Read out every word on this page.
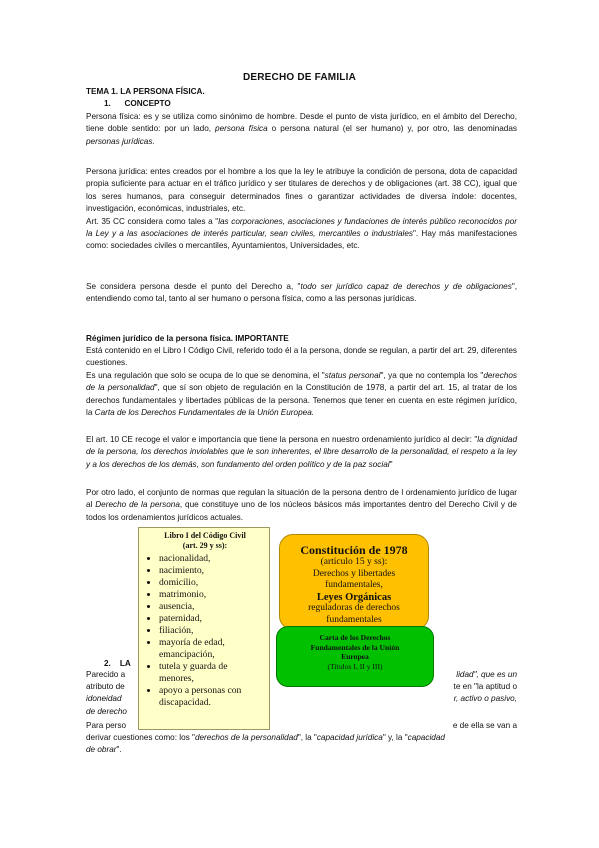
DERECHO DE FAMILIA
TEMA 1. LA PERSONA FÍSICA.
1.      CONCEPTO
Persona física: es y se utiliza como sinónimo de hombre. Desde el punto de vista jurídico, en el ámbito del Derecho, tiene doble sentido: por un lado, persona física o persona natural (el ser humano) y, por otro, las denominadas personas jurídicas.
Persona jurídica: entes creados por el hombre a los que la ley le atribuye la condición de persona, dota de capacidad propia suficiente para actuar en el tráfico jurídico y ser titulares de derechos y de obligaciones (art. 38 CC), igual que los seres humanos, para conseguir determinados fines o garantizar actividades de diversa índole: docentes, investigación, económicas, industriales, etc.
Art. 35 CC considera como tales a "las corporaciones, asociaciones y fundaciones de interés público reconocidos por la Ley y a las asociaciones de interés particular, sean civiles, mercantiles o industriales". Hay más manifestaciones como: sociedades civiles o mercantiles, Ayuntamientos, Universidades, etc.
Se considera persona desde el punto del Derecho a, "todo ser jurídico capaz de derechos y de obligaciones", entendiendo como tal, tanto al ser humano o persona física, como a las personas jurídicas.
Régimen jurídico de la persona física. IMPORTANTE
Está contenido en el Libro I Código Civil, referido todo él a la persona, donde se regulan, a partir del art. 29, diferentes cuestiones.
Es una regulación que solo se ocupa de lo que se denomina, el "status personal", ya que no contempla los "derechos de la personalidad", que sí son objeto de regulación en la Constitución de 1978, a partir del art. 15, al tratar de los derechos fundamentales y libertades públicas de la persona. Tenemos que tener en cuenta en este régimen jurídico, la Carta de los Derechos Fundamentales de la Unión Europea.
El art. 10 CE recoge el valor e importancia que tiene la persona en nuestro ordenamiento jurídico al decir: "la dignidad de la persona, los derechos inviolables que le son inherentes, el libre desarrollo de la personalidad, el respeto a la ley y a los derechos de los demás, son fundamento del orden político y de la paz social"
Por otro lado, el conjunto de normas que regulan la situación de la persona dentro de l ordenamiento jurídico de lugar al Derecho de la persona, que constituye uno de los núcleos básicos más importantes dentro del Derecho Civil y de todos los ordenamientos jurídicos actuales.
2.    LA
Parecido a	lidad", que es un
atributo de	te en "la aptitud o
idoneidad	r, activo o pasivo,
de derecho
Para perso	e de ella se van a
derivar cuestiones como: los "derechos de la personalidad", la "capacidad jurídica" y, la "capacidad
de obrar".
Libro I del Código Civil
(art. 29 y ss):
• nacionalidad,
• nacimiento,
• domicilio,
• matrimonio,
• ausencia,
• paternidad,
• filiación,
• mayoría de edad, emancipación,
• tutela y guarda de menores,
• apoyo a personas con discapacidad.
Constitución de 1978
(artículo 15 y ss):
Derechos y libertades
fundamentales,
Leyes Orgánicas
reguladoras de derechos
fundamentales
Carta de los Derechos
Fundamentales de la Unión
Europea
(Títulos I, II y III)
